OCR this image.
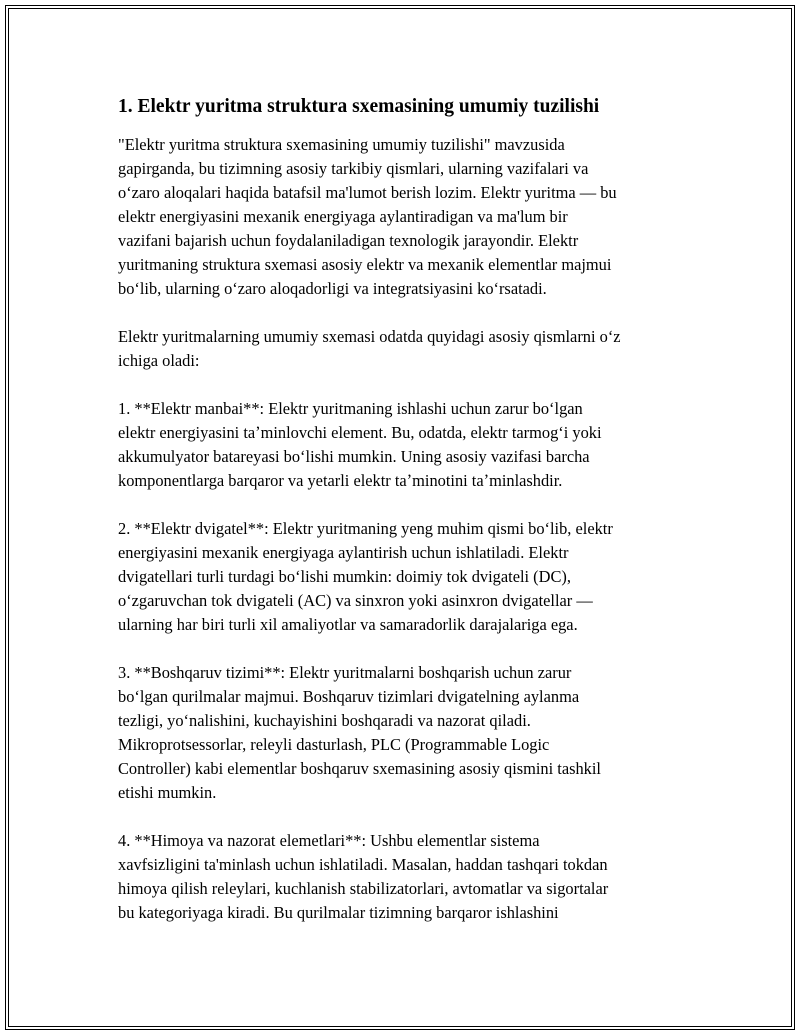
1. Elektr yuritma struktura sxemasining umumiy tuzilishi
"Elektr yuritma struktura sxemasining umumiy tuzilishi" mavzusida
gapirganda, bu tizimning asosiy tarkibiy qismlari, ularning vazifalari va
oʻzaro aloqalari haqida batafsil ma'lumot berish lozim. Elektr yuritma — bu
elektr energiyasini mexanik energiyaga aylantiradigan va ma'lum bir
vazifani bajarish uchun foydalaniladigan texnologik jarayondir. Elektr
yuritmaning struktura sxemasi asosiy elektr va mexanik elementlar majmui
boʻlib, ularning oʻzaro aloqadorligi va integratsiyasini koʻrsatadi.
Elektr yuritmalarning umumiy sxemasi odatda quyidagi asosiy qismlarni oʻz
ichiga oladi:
1. **Elektr manbai**: Elektr yuritmaning ishlashi uchun zarur boʻlgan
elektr energiyasini taʼminlovchi element. Bu, odatda, elektr tarmogʻi yoki
akkumulyator batareyasi boʻlishi mumkin. Uning asosiy vazifasi barcha
komponentlarga barqaror va yetarli elektr taʼminotini taʼminlashdir.
2. **Elektr dvigatel**: Elektr yuritmaning yeng muhim qismi boʻlib, elektr
energiyasini mexanik energiyaga aylantirish uchun ishlatiladi. Elektr
dvigatellari turli turdagi boʻlishi mumkin: doimiy tok dvigateli (DC),
oʻzgaruvchan tok dvigateli (AC) va sinxron yoki asinxron dvigatellar —
ularning har biri turli xil amaliyotlar va samaradorlik darajalariga ega.
3. **Boshqaruv tizimi**: Elektr yuritmalarni boshqarish uchun zarur
boʻlgan qurilmalar majmui. Boshqaruv tizimlari dvigatelning aylanma
tezligi, yoʻnalishini, kuchayishini boshqaradi va nazorat qiladi.
Mikroprotsessorlar, releyli dasturlash, PLC (Programmable Logic
Controller) kabi elementlar boshqaruv sxemasining asosiy qismini tashkil
etishi mumkin.
4. **Himoya va nazorat elemetlari**: Ushbu elementlar sistema
xavfsizligini ta'minlash uchun ishlatiladi. Masalan, haddan tashqari tokdan
himoya qilish releylari, kuchlanish stabilizatorlari, avtomatlar va sigortalar
bu kategoriyaga kiradi. Bu qurilmalar tizimning barqaror ishlashini
